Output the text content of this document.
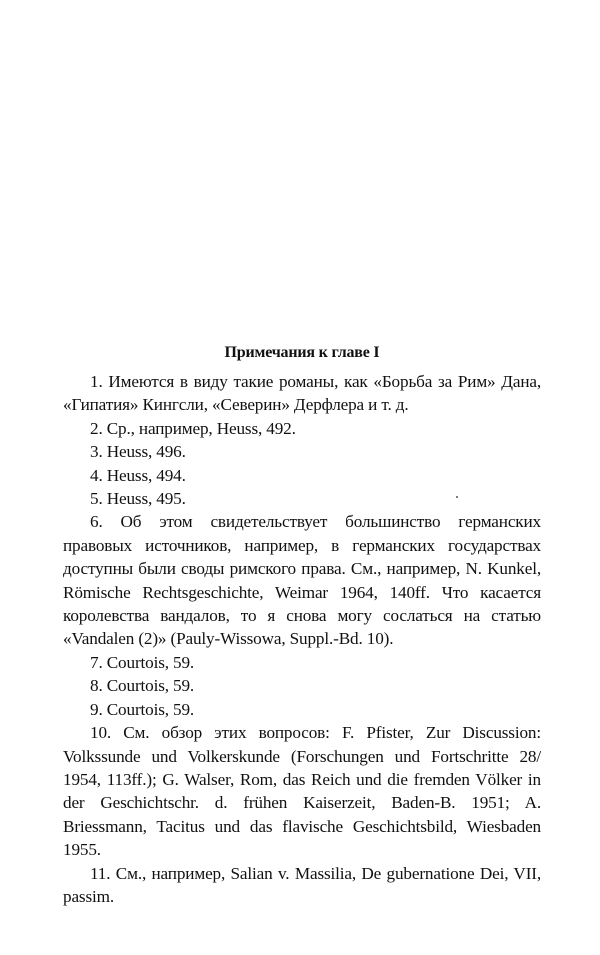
Примечания к главе I

1. Имеются в виду такие романы, как «Борьба за Рим» Дана, «Гипатия» Кингсли, «Северин» Дерфлера и т. д.

2. Ср., например, Heuss, 492.

3. Heuss, 496.

4. Heuss, 494.

5. Heuss, 495.

6. Об этом свидетельствует большинство германских правовых источников, например, в германских государствах доступны были своды римского права. См., например, N. Kunkel, Römische Rechtsgeschichte, Weimar 1964, 140ff. Что касается королевства вандалов, то я снова могу сослаться на статью «Vandalen (2)» (Pauly-Wissowa, Suppl.-Bd. 10).

7. Courtois, 59.

8. Courtois, 59.

9. Courtois, 59.

10. См. обзор этих вопросов: F. Pfister, Zur Discussion: Volkssunde und Volkerskunde (Forschungen und Fortschritte 28/ 1954, 113ff.); G. Walser, Rom, das Reich und die fremden Völker in der Geschichtschr. d. frühen Kaiserzeit, Baden-B. 1951; A. Briessmann, Tacitus und das flavische Geschichtsbild, Wiesbaden 1955.

11. См., например, Salian v. Massilia, De gubernatione Dei, VII, passim.
